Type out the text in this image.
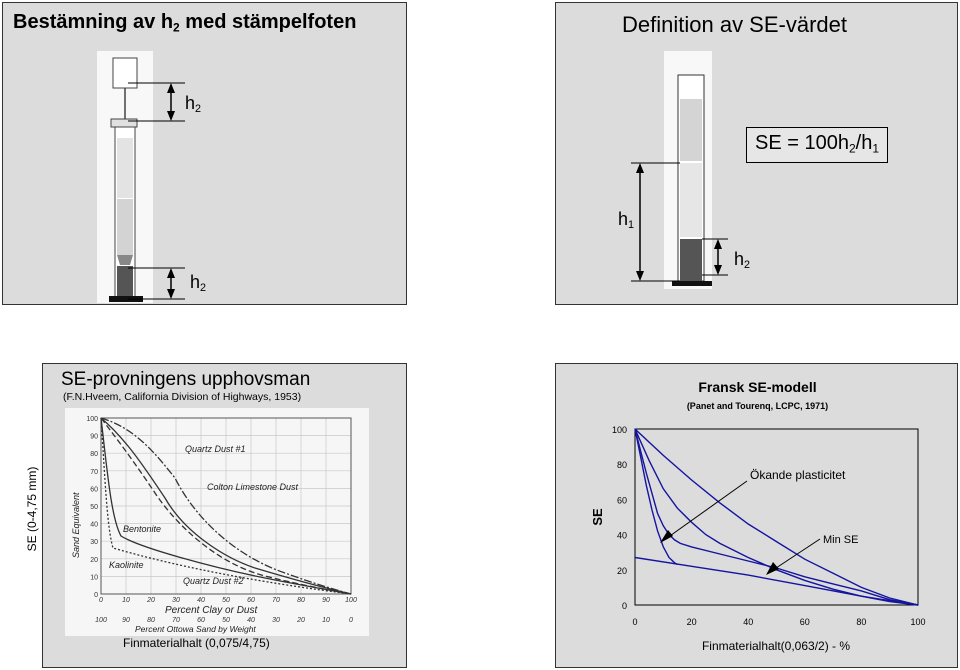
Bestämning av $h_2$ med stämpelfoten
$h_2$
$h_2$
Definition av SE-värdet
SE = $100h_2/h_1$
$h_1$
$h_2$
SE-provningens upphovsman
(F.N.Hveem, California Division of Highways, 1953)
Quartz Dust #1
Colton Limestone Dust
Bentonite
Kaolinite
Quartz Dust #2
Sand Equivalent
100
90
80
70
60
50
40
30
20
10
0
0	10 20 30 40 50 60 70 80 90 100
Percent Clay or Dust
100 90 80 70 60 50 40 30 20 10	0
Percent Ottowa Sand by Weight
Finmaterialhalt (0,075/4,75)
SE (0-4,75 mm)
Fransk SE-modell
(Panet and Tourenq, LCPC, 1971)
0
20
40
60
80
100
0	20	40	60	80	100
SE
Finmaterialhalt(0,063/2) - %
Ökande plasticitet
Min SE
